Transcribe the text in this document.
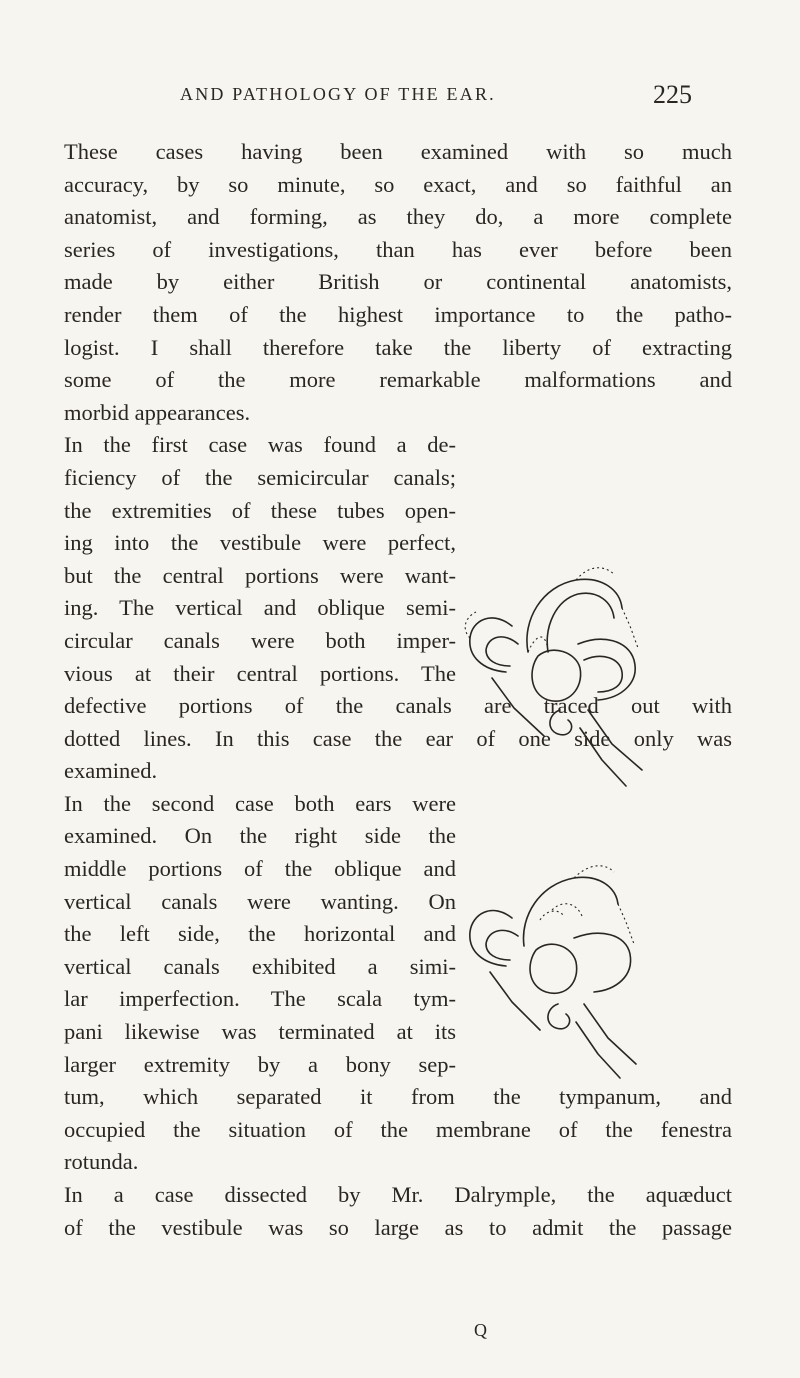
AND PATHOLOGY OF THE EAR.	225
These cases having been examined with so much
accuracy, by so minute, so exact, and so faithful an
anatomist, and forming, as they do, a more complete
series of investigations, than has ever before been
made by either British or continental anatomists,
render them of the highest importance to the patho-
logist. I shall therefore take the liberty of extracting
some of the more remarkable malformations and
morbid appearances.
In the first case was found a de-
ficiency of the semicircular canals;
the extremities of these tubes open-
ing into the vestibule were perfect,
but the central portions were want-
ing. The vertical and oblique semi-
circular canals were both imper-
vious at their central portions. The
defective portions of the canals are traced out with
dotted lines. In this case the ear of one side only was
examined.
In the second case both ears were
examined. On the right side the
middle portions of the oblique and
vertical canals were wanting. On
the left side, the horizontal and
vertical canals exhibited a simi-
lar imperfection. The scala tym-
pani likewise was terminated at its
larger extremity by a bony sep-
tum, which separated it from the tympanum, and
occupied the situation of the membrane of the fenestra
rotunda.
In a case dissected by Mr. Dalrymple, the aquæduct
of the vestibule was so large as to admit the passage
Q
